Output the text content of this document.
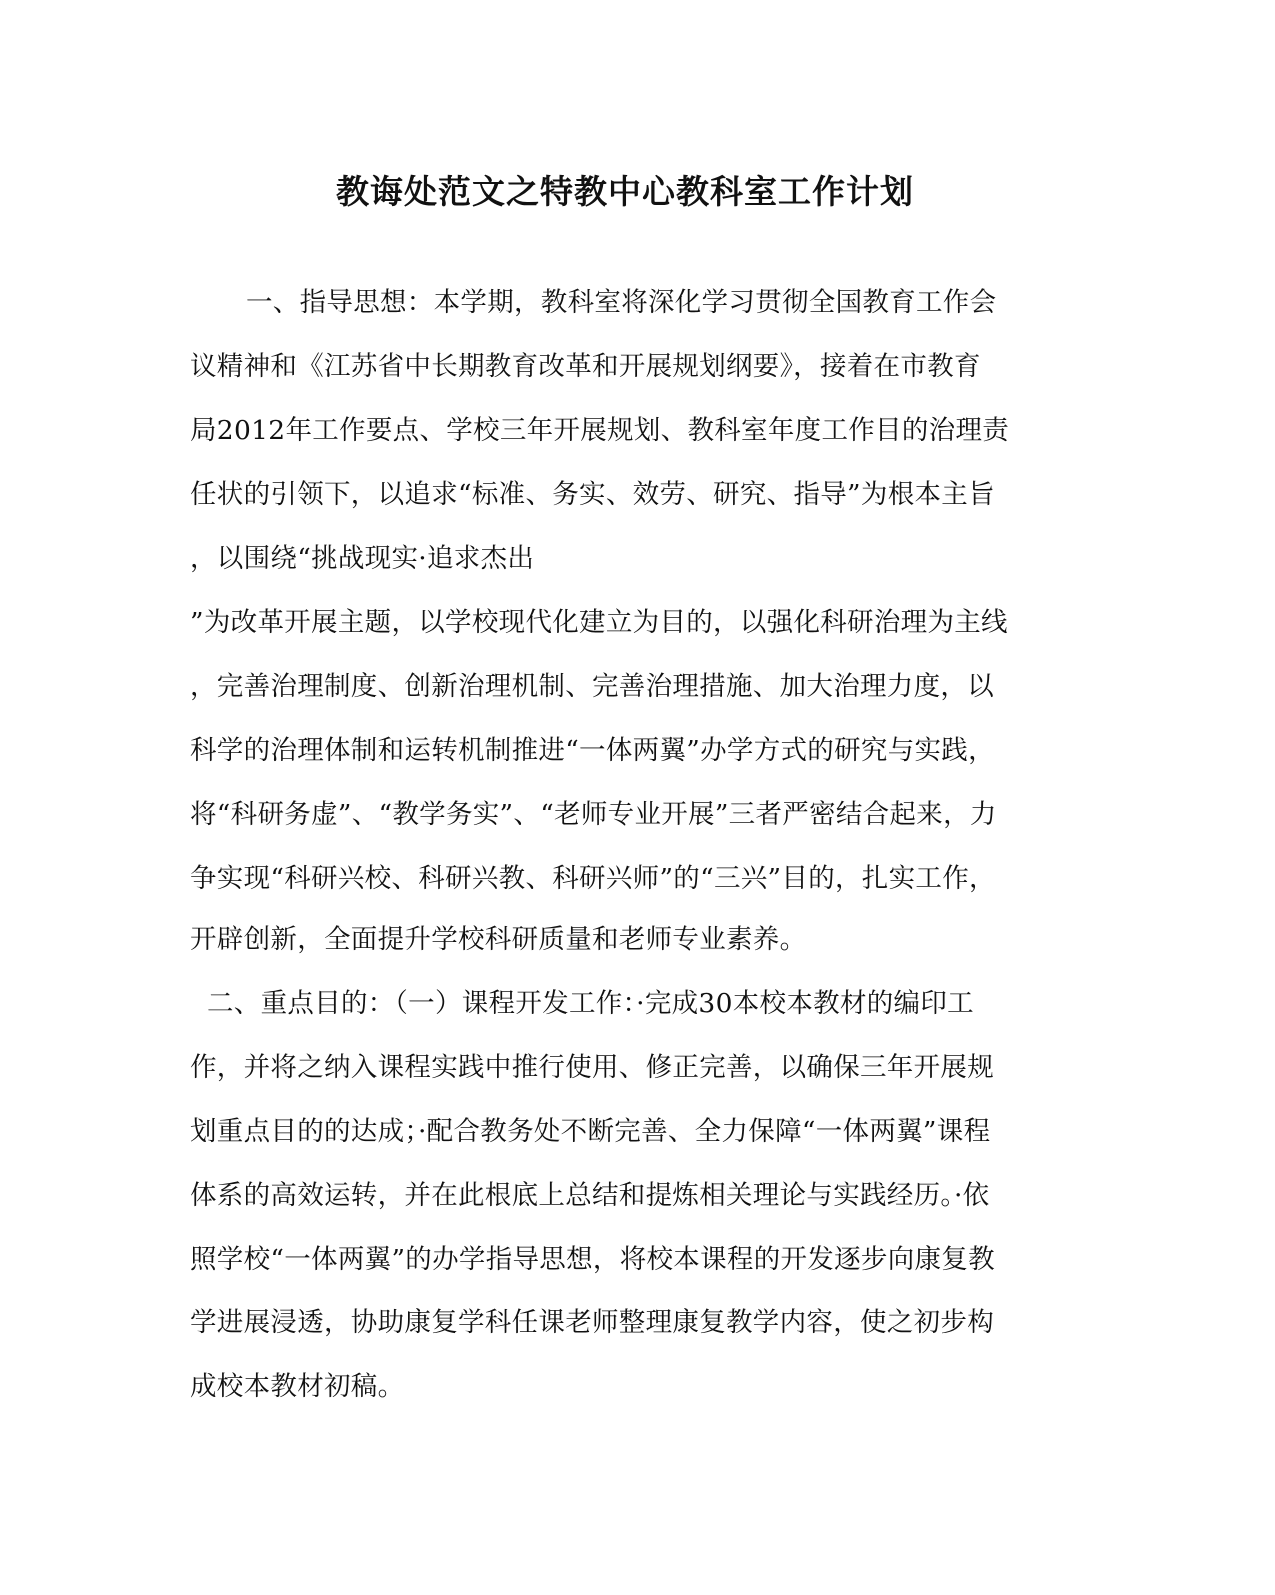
教诲处范文之特教中心教科室工作计划
一、指导思想：本学期，教科室将深化学习贯彻全国教育工作会
议精神和《江苏省中长期教育改革和开展规划纲要》，接着在市教育
局2012年工作要点、学校三年开展规划、教科室年度工作目的治理责
任状的引领下，以追求“标准、务实、效劳、研究、指导”为根本主旨
，以围绕“挑战现实·追求杰出
”为改革开展主题，以学校现代化建立为目的，以强化科研治理为主线
，完善治理制度、创新治理机制、完善治理措施、加大治理力度，以
科学的治理体制和运转机制推进“一体两翼”办学方式的研究与实践，
将“科研务虚”、“教学务实”、“老师专业开展”三者严密结合起来，力
争实现“科研兴校、科研兴教、科研兴师”的“三兴”目的，扎实工作，
开辟创新，全面提升学校科研质量和老师专业素养。
二、重点目的：（一）课程开发工作：·完成30本校本教材的编印工
作，并将之纳入课程实践中推行使用、修正完善，以确保三年开展规
划重点目的的达成；·配合教务处不断完善、全力保障“一体两翼”课程
体系的高效运转，并在此根底上总结和提炼相关理论与实践经历。·依
照学校“一体两翼”的办学指导思想，将校本课程的开发逐步向康复教
学进展浸透，协助康复学科任课老师整理康复教学内容，使之初步构
成校本教材初稿。
